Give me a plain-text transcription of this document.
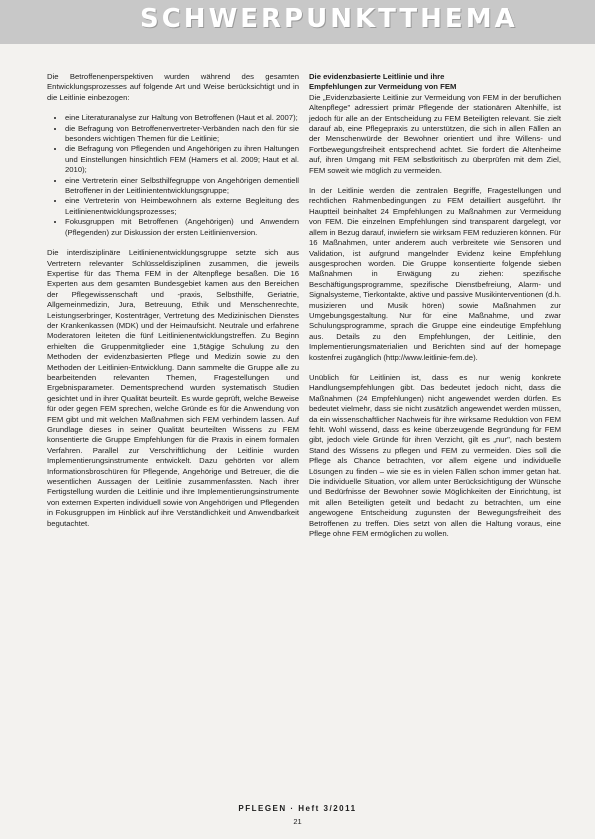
SCHWERPUNKTTHEMA

Die Betroffenenperspektiven wurden während des gesamten Entwicklungsprozesses auf folgende Art und Weise berücksichtigt und in die Leitlinie einbezogen:

• eine Literaturanalyse zur Haltung von Betroffenen (Haut et al. 2007);
• die Befragung von Betroffenenvertreter-Verbänden nach den für sie besonders wichtigen Themen für die Leitlinie;
• die Befragung von Pflegenden und Angehörigen zu ihren Haltungen und Einstellungen hinsichtlich FEM (Hamers et al. 2009; Haut et al. 2010);
• eine Vertreterin einer Selbsthilfegruppe von Angehörigen dementiell Betroffener in der Leitliniententwicklungsgruppe;
• eine Vertreterin von Heimbewohnern als externe Begleitung des Leitlinienentwicklungsprozesses;
• Fokusgruppen mit Betroffenen (Angehörigen) und Anwendern (Pflegenden) zur Diskussion der ersten Leitlinienversion.

Die interdisziplinäre Leitlinienentwicklungsgruppe setzte sich aus Vertretern relevanter Schlüsseldisziplinen zusammen, die jeweils Expertise für das Thema FEM in der Altenpflege besaßen. Die 16 Experten aus dem gesamten Bundesgebiet kamen aus den Bereichen der Pflegewissenschaft und -praxis, Selbsthilfe, Geriatrie, Allgemeinmedizin, Jura, Betreuung, Ethik und Menschenrechte, Leistungserbringer, Kostenträger, Vertretung des Medizinischen Dienstes der Krankenkassen (MDK) und der Heimaufsicht. Neutrale und erfahrene Moderatoren leiteten die fünf Leitlinienentwicklungstreffen. Zu Beginn erhielten die Gruppenmitglieder eine 1,5tägige Schulung zu den Methoden der evidenzbasierten Pflege und Medizin sowie zu den Methoden der Leitlinien-Entwicklung. Dann sammelte die Gruppe alle zu bearbeitenden relevanten Themen, Fragestellungen und Ergebnisparameter. Dementsprechend wurden systematisch Studien gesichtet und in ihrer Qualität beurteilt. Es wurde geprüft, welche Beweise für oder gegen FEM sprechen, welche Gründe es für die Anwendung von FEM gibt und mit welchen Maßnahmen sich FEM verhindern lassen. Auf Grundlage dieses in seiner Qualität beurteilten Wissens zu FEM konsentierte die Gruppe Empfehlungen für die Praxis in einem formalen Verfahren. Parallel zur Verschriftlichung der Leitlinie wurden Implementierungsinstrumente entwickelt. Dazu gehörten vor allem Informationsbroschüren für Pflegende, Angehörige und Betreuer, die die wesentlichen Aussagen der Leitlinie zusammenfassten. Nach ihrer Fertigstellung wurden die Leitlinie und ihre Implementierungsinstrumente von externen Experten individuell sowie von Angehörigen und Pflegenden in Fokusgruppen im Hinblick auf ihre Verständlichkeit und Anwendbarkeit begutachtet.

Die evidenzbasierte Leitlinie und ihre
Empfehlungen zur Vermeidung von FEM

Die „Evidenzbasierte Leitlinie zur Vermeidung von FEM in der beruflichen Altenpflege" adressiert primär Pflegende der stationären Altenhilfe, ist jedoch für alle an der Entscheidung zu FEM Beteiligten relevant. Sie zielt darauf ab, eine Pflegepraxis zu unterstützen, die sich in allen Fällen an der Menschenwürde der Bewohner orientiert und ihre Willens- und Fortbewegungsfreiheit entsprechend achtet. Sie fordert die Altenheime auf, ihren Umgang mit FEM selbstkritisch zu überprüfen mit dem Ziel, FEM soweit wie möglich zu vermeiden.

In der Leitlinie werden die zentralen Begriffe, Fragestellungen und rechtlichen Rahmenbedingungen zu FEM detailliert ausgeführt. Ihr Hauptteil beinhaltet 24 Empfehlungen zu Maßnahmen zur Vermeidung von FEM. Die einzelnen Empfehlungen sind transparent dargelegt, vor allem in Bezug darauf, inwiefern sie wirksam FEM reduzieren können. Für 16 Maßnahmen, unter anderem auch verbreitete wie Sensoren und Validation, ist aufgrund mangelnder Evidenz keine Empfehlung ausgesprochen worden. Die Gruppe konsentierte folgende sieben Maßnahmen in Erwägung zu ziehen: spezifische Beschäftigungsprogramme, spezifische Dienstbefreiung, Alarm- und Signalsysteme, Tierkontakte, aktive und passive Musikinterventionen (d.h. musizieren und Musik hören) sowie Maßnahmen zur Umgebungsgestaltung. Nur für eine Maßnahme, und zwar Schulungsprogramme, sprach die Gruppe eine eindeutige Empfehlung aus. Details zu den Empfehlungen, der Leitlinie, den Implementierungsmaterialien und Berichten sind auf der homepage kostenfrei zugänglich (http://www.leitlinie-fem.de).

Unüblich für Leitlinien ist, dass es nur wenig konkrete Handlungsempfehlungen gibt. Das bedeutet jedoch nicht, dass die Maßnahmen (24 Empfehlungen) nicht angewendet werden dürfen. Es bedeutet vielmehr, dass sie nicht zusätzlich angewendet werden müssen, da ein wissenschaftlicher Nachweis für ihre wirksame Reduktion von FEM fehlt. Wohl wissend, dass es keine überzeugende Begründung für FEM gibt, jedoch viele Gründe für ihren Verzicht, gilt es „nur", nach bestem Stand des Wissens zu pflegen und FEM zu vermeiden. Dies soll die Pflege als Chance betrachten, vor allem eigene und individuelle Lösungen zu finden – wie sie es in vielen Fällen schon immer getan hat. Die individuelle Situation, vor allem unter Berücksichtigung der Wünsche und Bedürfnisse der Bewohner sowie Möglichkeiten der Einrichtung, ist mit allen Beteiligten geteilt und bedacht zu betrachten, um eine angewogene Entscheidung zugunsten der Bewegungsfreiheit des Betroffenen zu treffen. Dies setzt von allen die Haltung voraus, eine Pflege ohne FEM ermöglichen zu wollen.

PFLEGEN · Heft 3/2011
21
